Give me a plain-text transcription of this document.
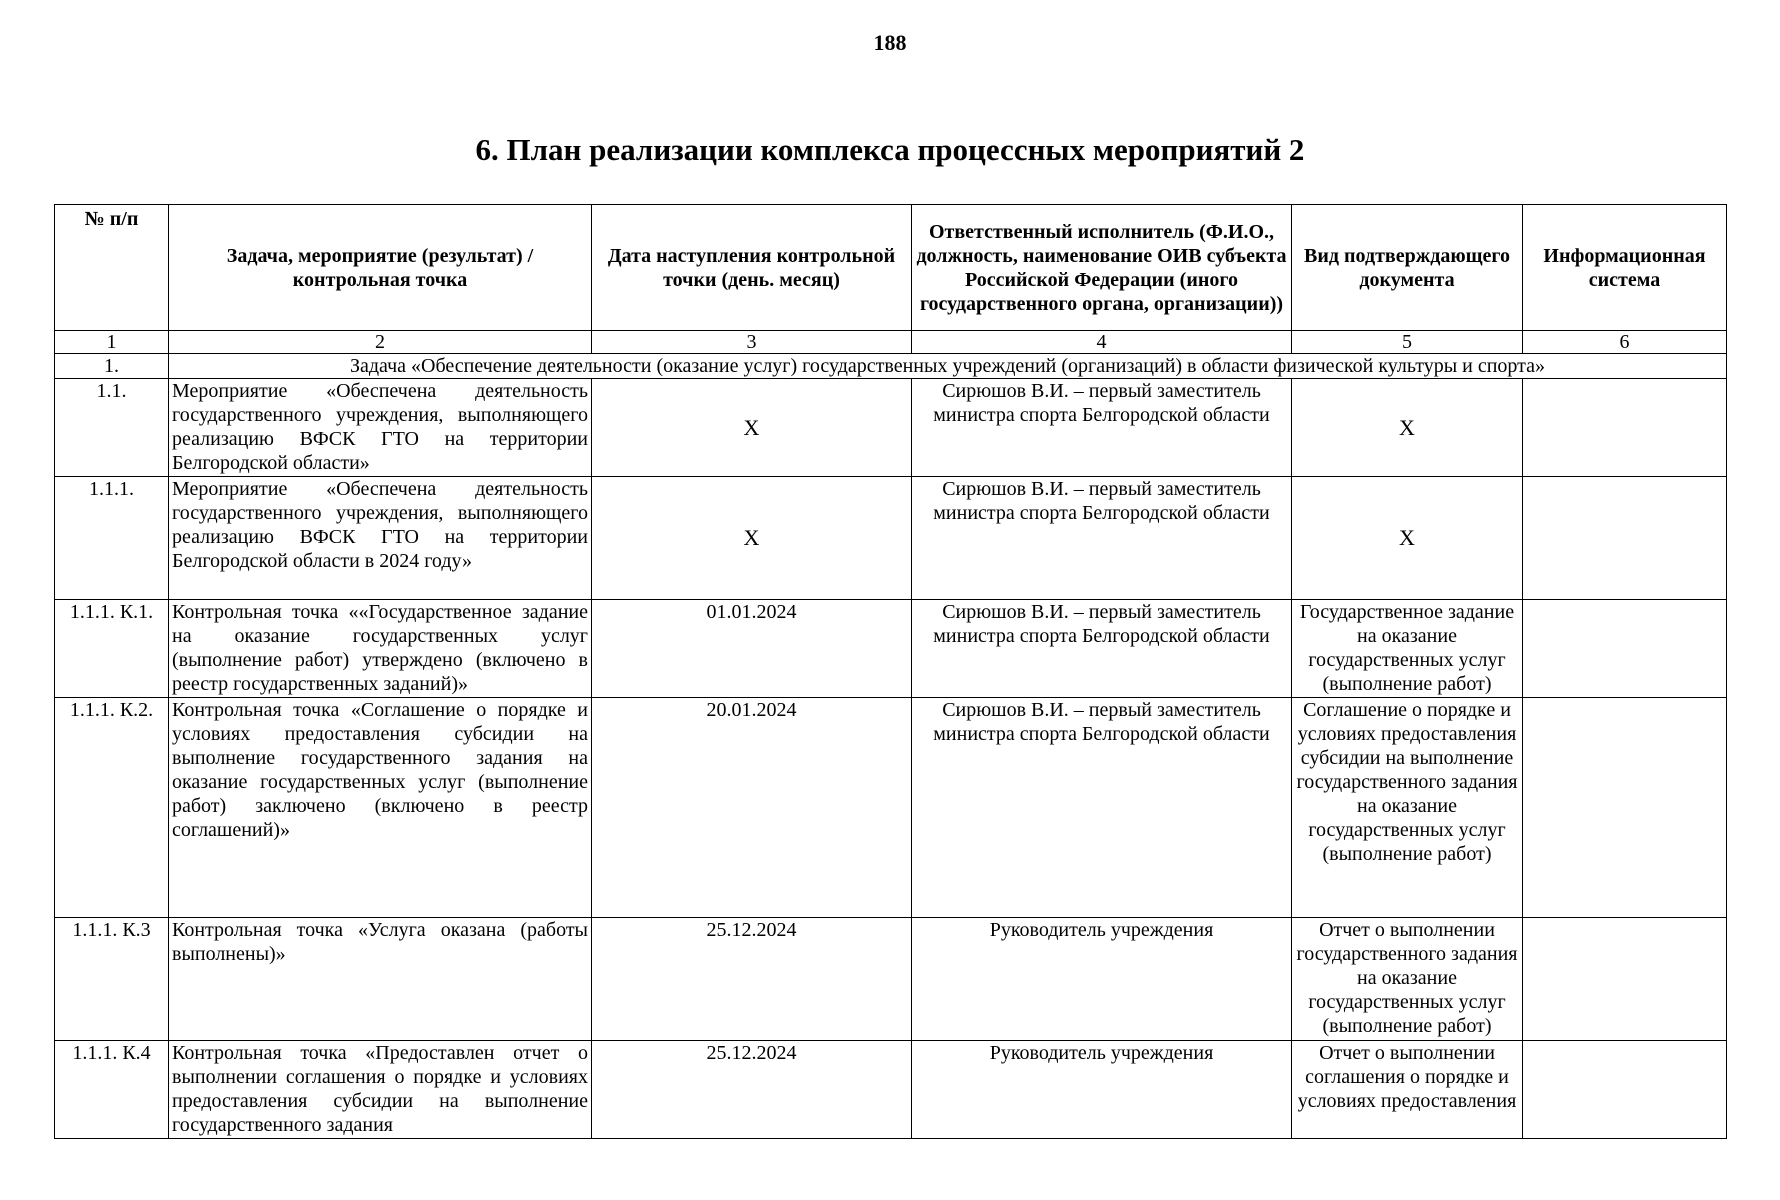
188
6. План реализации комплекса процессных мероприятий 2
№ п/п	Задача, мероприятие (результат) / контрольная точка	Дата наступления контрольной точки (день. месяц)	Ответственный исполнитель (Ф.И.О., должность, наименование ОИВ субъекта Российской Федерации (иного государственного органа, организации))	Вид подтверждающего документа	Информационная система
1	2	3	4	5	6
1.	Задача «Обеспечение деятельности (оказание услуг) государственных учреждений (организаций) в области физической культуры и спорта»				
1.1.	Мероприятие «Обеспечена деятельность государственного учреждения, выполняющего реализацию ВФСК ГТО на территории Белгородской области»	X	Сирюшов В.И. – первый заместитель министра спорта Белгородской области	X	
1.1.1.	Мероприятие «Обеспечена деятельность государственного учреждения, выполняющего реализацию ВФСК ГТО на территории Белгородской области в 2024 году»	X	Сирюшов В.И. – первый заместитель министра спорта Белгородской области	X	
1.1.1. К.1.	Контрольная точка ««Государственное задание на оказание государственных услуг (выполнение работ) утверждено (включено в реестр государственных заданий)»	01.01.2024	Сирюшов В.И. – первый заместитель министра спорта Белгородской области	Государственное задание на оказание государственных услуг (выполнение работ)	
1.1.1. К.2.	Контрольная точка «Соглашение о порядке и условиях предоставления субсидии на выполнение государственного задания на оказание государственных услуг (выполнение работ) заключено (включено в реестр соглашений)»	20.01.2024	Сирюшов В.И. – первый заместитель министра спорта Белгородской области	Соглашение о порядке и условиях предоставления субсидии на выполнение государственного задания на оказание государственных услуг (выполнение работ)	
1.1.1. К.3	Контрольная точка «Услуга оказана (работы выполнены)»	25.12.2024	Руководитель учреждения	Отчет о выполнении государственного задания на оказание государственных услуг (выполнение работ)	
1.1.1. К.4	Контрольная точка «Предоставлен отчет о выполнении соглашения о порядке и условиях предоставления субсидии на выполнение государственного задания	25.12.2024	Руководитель учреждения	Отчет о выполнении соглашения о порядке и условиях предоставления	
